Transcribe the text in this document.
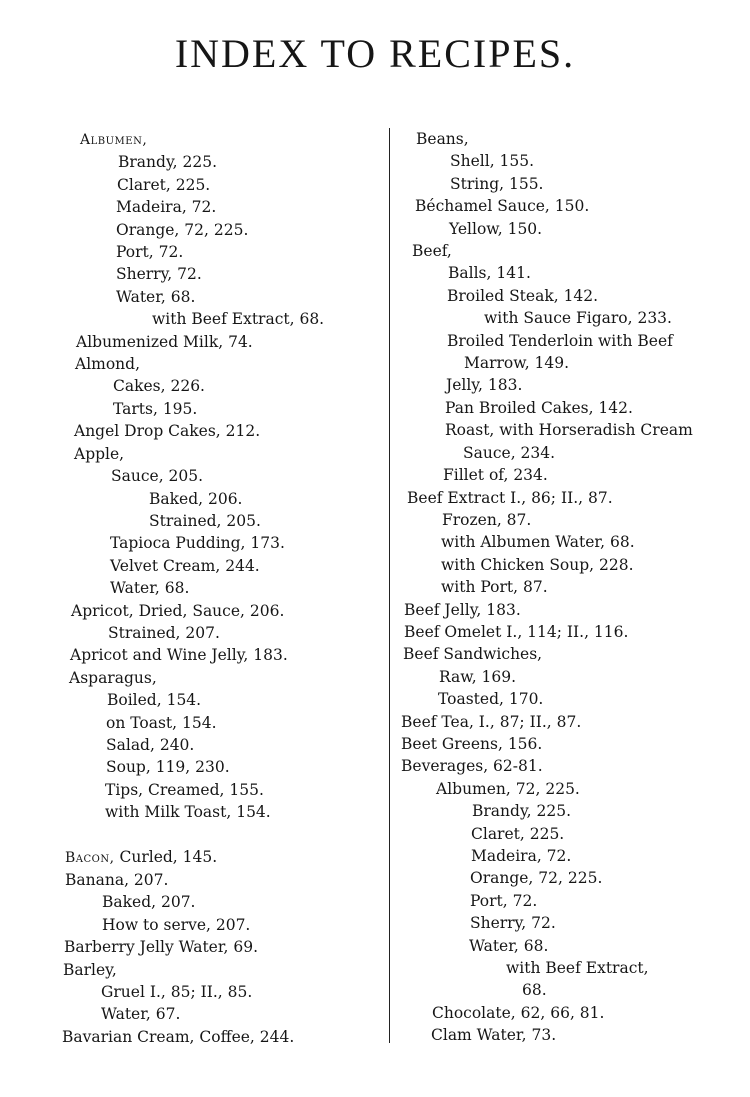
INDEX TO RECIPES.
Albumen,
Brandy, 225.
Claret, 225.
Madeira, 72.
Orange, 72, 225.
Port, 72.
Sherry, 72.
Water, 68.
with Beef Extract, 68.
Albumenized Milk, 74.
Almond,
Cakes, 226.
Tarts, 195.
Angel Drop Cakes, 212.
Apple,
Sauce, 205.
Baked, 206.
Strained, 205.
Tapioca Pudding, 173.
Velvet Cream, 244.
Water, 68.
Apricot, Dried, Sauce, 206.
Strained, 207.
Apricot and Wine Jelly, 183.
Asparagus,
Boiled, 154.
on Toast, 154.
Salad, 240.
Soup, 119, 230.
Tips, Creamed, 155.
with Milk Toast, 154.
Bacon, Curled, 145.
Banana, 207.
Baked, 207.
How to serve, 207.
Barberry Jelly Water, 69.
Barley,
Gruel I., 85; II., 85.
Water, 67.
Bavarian Cream, Coffee, 244.
Beans,
Shell, 155.
String, 155.
Béchamel Sauce, 150.
Yellow, 150.
Beef,
Balls, 141.
Broiled Steak, 142.
with Sauce Figaro, 233.
Broiled Tenderloin with Beef
Marrow, 149.
Jelly, 183.
Pan Broiled Cakes, 142.
Roast, with Horseradish Cream
Sauce, 234.
Fillet of, 234.
Beef Extract I., 86; II., 87.
Frozen, 87.
with Albumen Water, 68.
with Chicken Soup, 228.
with Port, 87.
Beef Jelly, 183.
Beef Omelet I., 114; II., 116.
Beef Sandwiches,
Raw, 169.
Toasted, 170.
Beef Tea, I., 87; II., 87.
Beet Greens, 156.
Beverages, 62-81.
Albumen, 72, 225.
Brandy, 225.
Claret, 225.
Madeira, 72.
Orange, 72, 225.
Port, 72.
Sherry, 72.
Water, 68.
with Beef Extract,
68.
Chocolate, 62, 66, 81.
Clam Water, 73.
